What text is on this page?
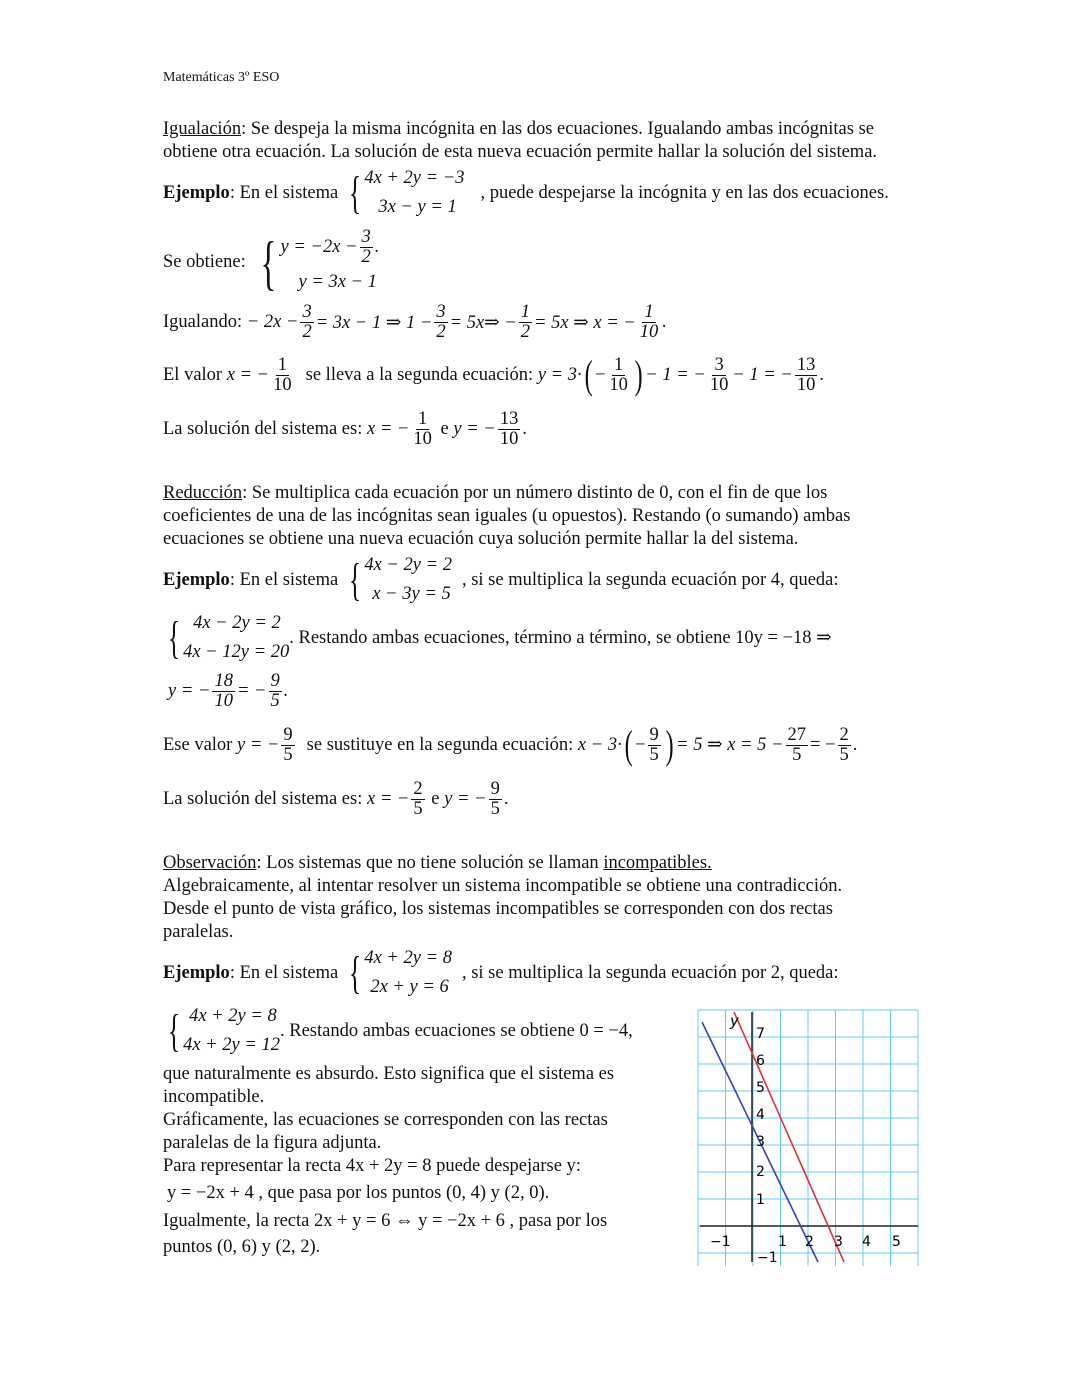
Matemáticas 3º ESO
Igualación: Se despeja la misma incógnita en las dos ecuaciones. Igualando ambas incógnitas se
obtiene otra ecuación. La solución de esta nueva ecuación permite hallar la solución del sistema.
Ejemplo : En el sistema { 4x + 2y = −3
3x − y = 1
, puede despejarse la incógnita y en las dos ecuaciones.
Se obtiene: { $y = -2x - \frac{3}{2}$ .
y = 3x − 1
Igualando:
− $2x - \frac{3}{2} = 3x - 1$ ⇒ $1 - \frac{3}{2}$ = 5x⇒ − $\frac{1}{2} = 5x$ ⇒ x = − $\frac{1}{10}$ .
El valor
x = − $\frac{1}{10}$ se lleva a la segunda ecuación:
y = 3· ( − $\frac{1}{10}$ ) − 1 = − $\frac{3}{10} - 1$ = − $\frac{13}{10}$ .
La solución del sistema es:
x = − $\frac{1}{10}$
e
y = − $\frac{13}{10}$ .
Reducción: Se multiplica cada ecuación por un número distinto de 0, con el fin de que los
coeficientes de una de las incógnitas sean iguales (u opuestos). Restando (o sumando) ambas
ecuaciones se obtiene una nueva ecuación cuya solución permite hallar la del sistema.
Ejemplo : En el sistema { 4x − 2y = 2
x − 3y = 5
, si se multiplica la segunda ecuación por 4, queda:
{ 4x − 2y = 2
4x − 12y = 20
. Restando ambas ecuaciones, término a término, se obtiene 10y = −18 ⇒
y = − $\frac{18}{10}$ = − $\frac{9}{5}$ .
Ese valor
y = − $\frac{9}{5}$ se sustituye en la segunda ecuación:
x − 3· ( − $\frac{9}{5}$ ) = 5 ⇒ $x = 5 - \frac{27}{5}$ = − $\frac{2}{5}$ .
La solución del sistema es:
x = − $\frac{2}{5}$
e
y = − $\frac{9}{5}$ .
Observación: Los sistemas que no tiene solución se llaman incompatibles.
Algebraicamente, al intentar resolver un sistema incompatible se obtiene una contradicción.
Desde el punto de vista gráfico, los sistemas incompatibles se corresponden con dos rectas
paralelas.
Ejemplo : En el sistema { 4x + 2y = 8
2x + y = 6
, si se multiplica la segunda ecuación por 2, queda:
{ 4x + 2y = 8
4x + 2y = 12
. Restando ambas ecuaciones se obtiene 0 = −4,
que naturalmente es absurdo. Esto significa que el sistema es
incompatible.
Gráficamente, las ecuaciones se corresponden con las rectas
paralelas de la figura adjunta.
Para representar la recta 4x + 2y = 8 puede despejarse y:
y = −2x + 4 , que pasa por los puntos (0, 4) y (2, 0).
Igualmente, la recta 2x + y = 6 ⇔ y = −2x + 6 , pasa por los
puntos (0, 6) y (2, 2).
y
7
6
5
4
3
2
1
−1
−1
1 2 3 4 5
